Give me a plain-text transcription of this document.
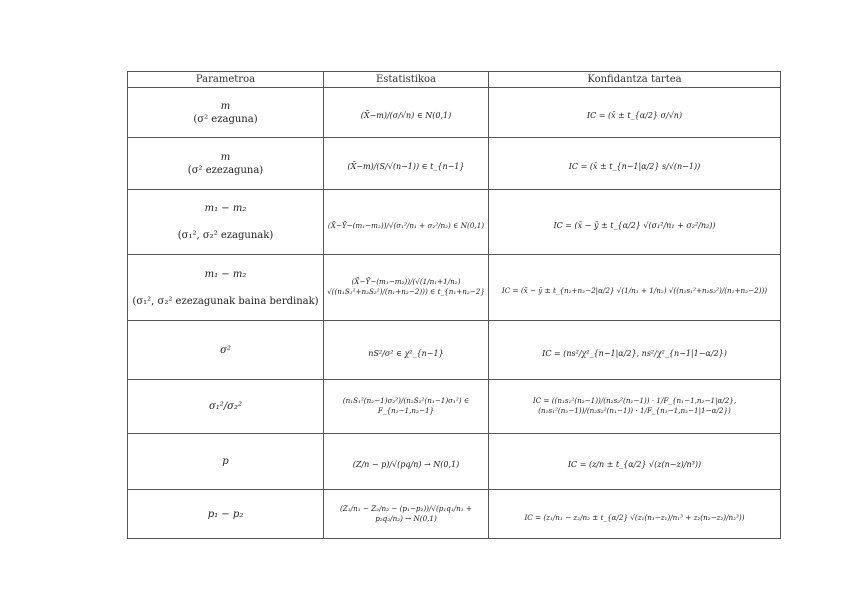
Parametroa	Estatistikoa	Konfidantza tartea

m
(σ² ezaguna)	(X̄−m)/(σ/√n) ∈ N(0,1)	IC = (x̄ ± t_{α/2} σ/√n)

m
(σ² ezezaguna)	(X̄−m)/(S/√(n−1)) ∈ t_{n−1}	IC = (x̄ ± t_{n−1|α/2} s/√(n−1))

m₁ − m₂
(σ₁², σ₂² ezagunak)	(X̄−Ȳ−(m₁−m₂))/√(σ₁²/n₁ + σ₂²/n₂) ∈ N(0,1)	IC = (x̄ − ȳ ± t_{α/2} √(σ₁²/n₁ + σ₂²/n₂))

m₁ − m₂
(σ₁², σ₂² ezezagunak baina berdinak)	(X̄−Ȳ−(m₁−m₂))/(√(1/n₁+1/n₂) √((n₁S₁²+n₂S₂²)/(n₁+n₂−2))) ∈ t_{n₁+n₂−2}	IC = (x̄ − ȳ ± t_{n₁+n₂−2|α/2} √(1/n₁ + 1/n₂) √((n₁s₁²+n₂s₂²)/(n₁+n₂−2)))

σ²	nS²/σ² ∈ χ²_{n−1}	IC = (ns²/χ²_{n−1|α/2}, ns²/χ²_{n−1|1−α/2})

σ₁²/σ₂²	(n₁S₁²(n₂−1)σ₂²)/(n₂S₂²(n₁−1)σ₁²) ∈ F_{n₁−1,n₂−1}	IC = ((n₁s₁²(n₂−1))/(n₂s₂²(n₁−1)) · 1/F_{n₁−1,n₂−1|α/2}, (n₁s₁²(n₂−1))/(n₂s₂²(n₁−1)) · 1/F_{n₁−1,n₂−1|1−α/2})

p	(Z/n − p)/√(pq/n) → N(0,1)	IC = (z/n ± t_{α/2} √(z(n−z)/n³))

p₁ − p₂	(Z₁/n₁ − Z₂/n₂ − (p₁−p₂))/√(p₁q₁/n₁ + p₂q₂/n₂) → N(0,1)	IC = (z₁/n₁ − z₂/n₂ ± t_{α/2} √(z₁(n₁−z₁)/n₁³ + z₂(n₂−z₂)/n₂³))
